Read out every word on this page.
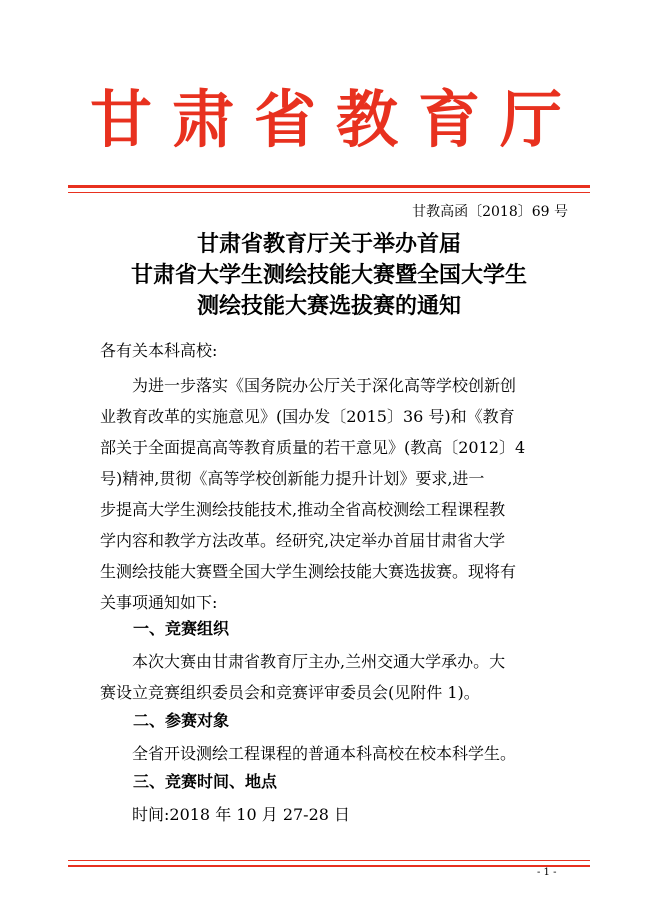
甘肃省教育厅
甘教高函〔2018〕69 号
甘肃省教育厅关于举办首届
甘肃省大学生测绘技能大赛暨全国大学生
测绘技能大赛选拔赛的通知
各有关本科高校:
为进一步落实《国务院办公厅关于深化高等学校创新创
业教育改革的实施意见》(国办发〔2015〕36 号)和《教育
部关于全面提高高等教育质量的若干意见》(教高〔2012〕4
号)精神,贯彻《高等学校创新能力提升计划》要求,进一
步提高大学生测绘技能技术,推动全省高校测绘工程课程教
学内容和教学方法改革。经研究,决定举办首届甘肃省大学
生测绘技能大赛暨全国大学生测绘技能大赛选拔赛。现将有
关事项通知如下:
一、竞赛组织
本次大赛由甘肃省教育厅主办,兰州交通大学承办。大
赛设立竞赛组织委员会和竞赛评审委员会(见附件 1)。
二、参赛对象
全省开设测绘工程课程的普通本科高校在校本科学生。
三、竞赛时间、地点
时间:2018 年 10 月 27-28 日
- 1 -
